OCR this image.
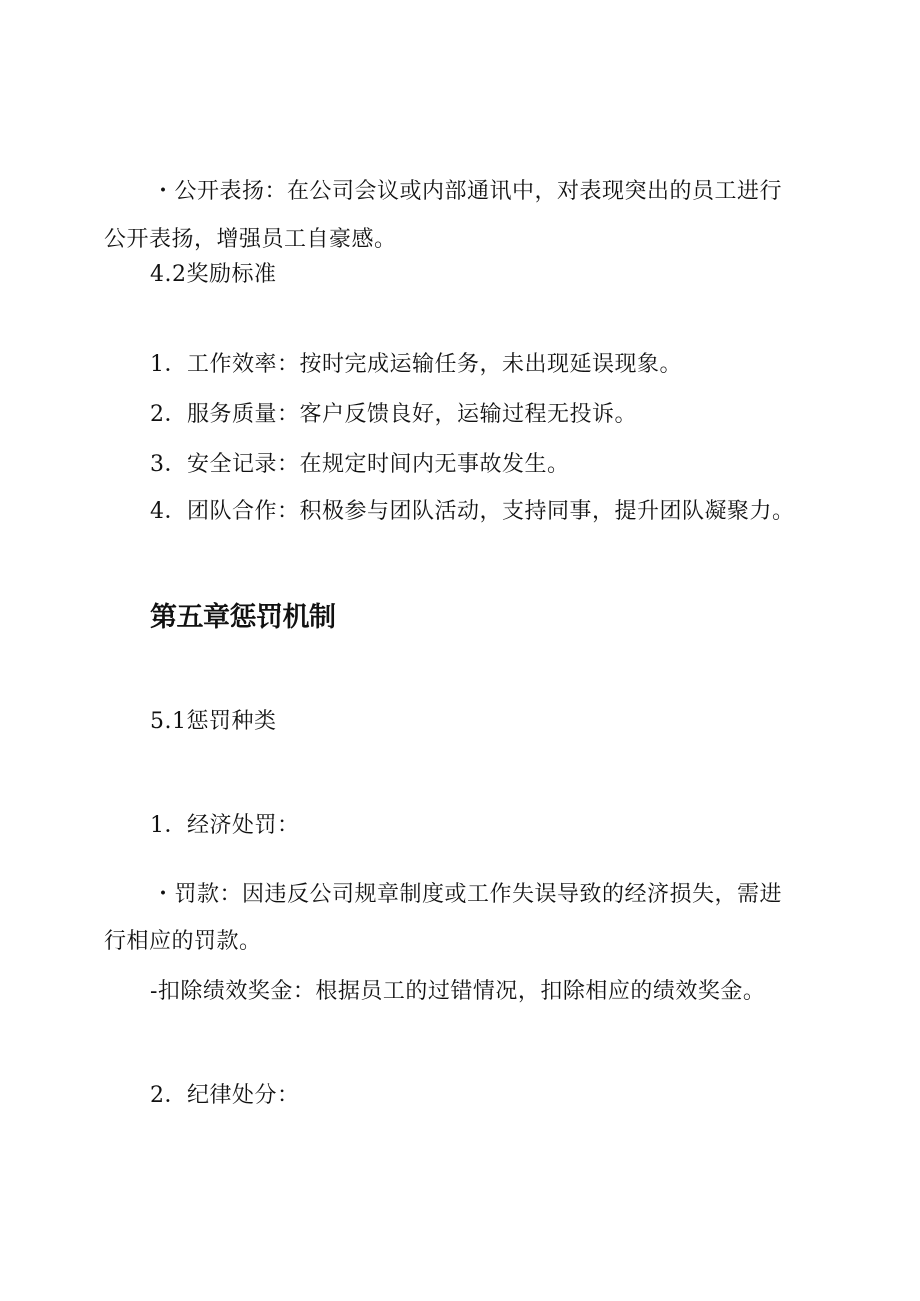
・公开表扬：在公司会议或内部通讯中，对表现突出的员工进行
公开表扬，增强员工自豪感。
4.2奖励标准
1．工作效率：按时完成运输任务，未出现延误现象。
2．服务质量：客户反馈良好，运输过程无投诉。
3．安全记录：在规定时间内无事故发生。
4．团队合作：积极参与团队活动，支持同事，提升团队凝聚力。
第五章惩罚机制
5.1惩罚种类
1．经济处罚：
・罚款：因违反公司规章制度或工作失误导致的经济损失，需进
行相应的罚款。
-扣除绩效奖金：根据员工的过错情况，扣除相应的绩效奖金。
2．纪律处分：
